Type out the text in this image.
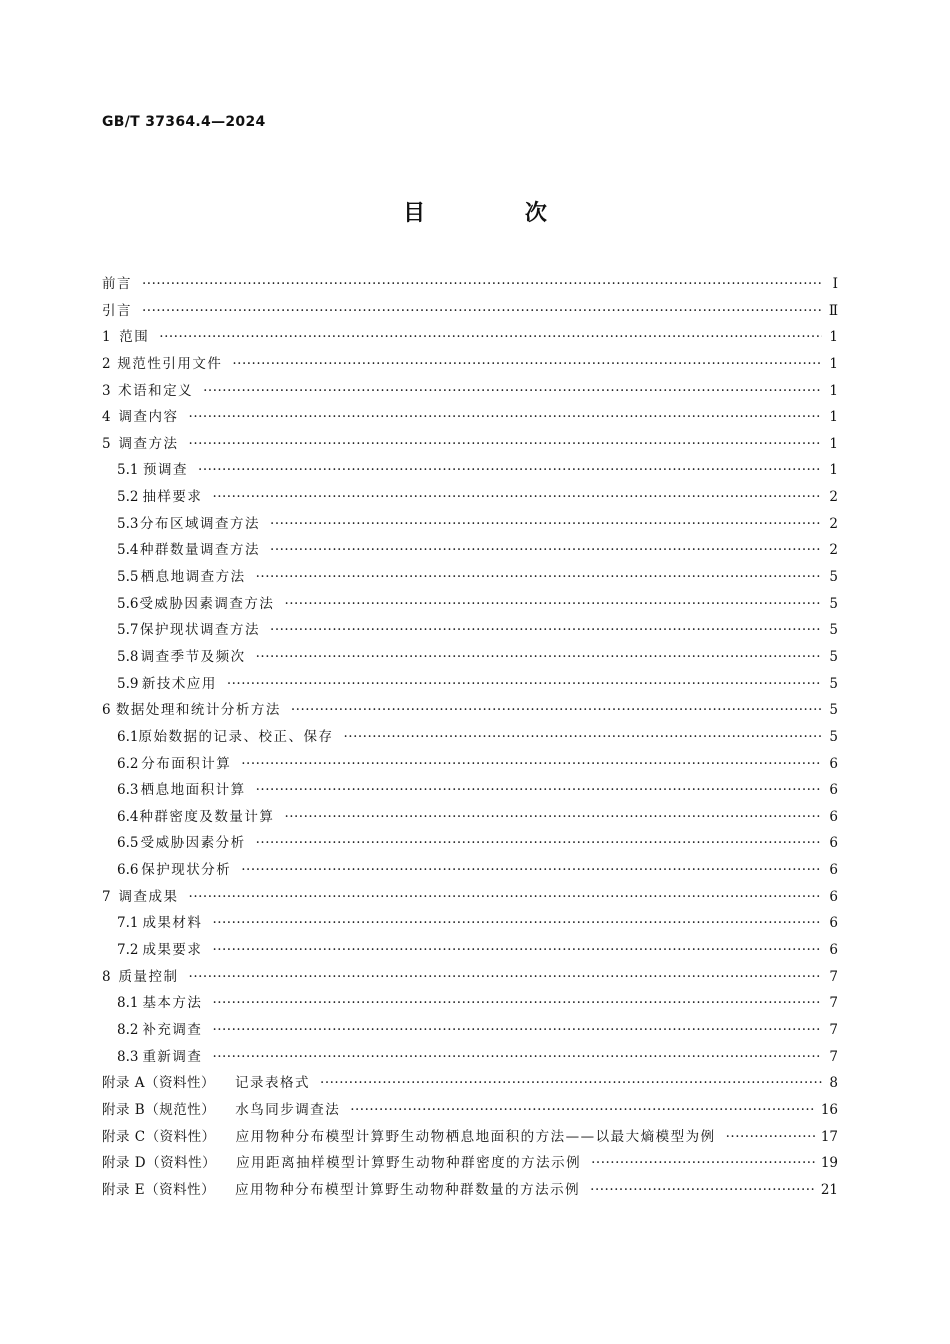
GB/T 37364.4—2024
目 次
前言 ·····	Ⅰ
引言 ·····	Ⅱ
1 范围 ·····	1
2 规范性引用文件 ·····	1
3 术语和定义 ·····	1
4 调查内容 ·····	1
5 调查方法 ·····	1
5.1 预调查 ·····	1
5.2 抽样要求 ·····	2
5.3 分布区域调查方法 ·····	2
5.4 种群数量调查方法 ·····	2
5.5 栖息地调查方法 ·····	5
5.6 受威胁因素调查方法 ·····	5
5.7 保护现状调查方法 ·····	5
5.8 调查季节及频次 ·····	5
5.9 新技术应用 ·····	5
6 数据处理和统计分析方法 ·····	5
6.1 原始数据的记录、校正、保存 ·····	5
6.2 分布面积计算 ·····	6
6.3 栖息地面积计算 ·····	6
6.4 种群密度及数量计算 ·····	6
6.5 受威胁因素分析 ·····	6
6.6 保护现状分析 ·····	6
7 调查成果 ·····	6
7.1 成果材料 ·····	6
7.2 成果要求 ·····	6
8 质量控制 ·····	7
8.1 基本方法 ·····	7
8.2 补充调查 ·····	7
8.3 重新调查 ·····	7
附录 A（资料性） 记录表格式 ·····	8
附录 B（规范性） 水鸟同步调查法 ·····	16
附录 C（资料性） 应用物种分布模型计算野生动物栖息地面积的方法——以最大熵模型为例 ·····	17
附录 D（资料性） 应用距离抽样模型计算野生动物种群密度的方法示例 ·····	19
附录 E（资料性） 应用物种分布模型计算野生动物种群数量的方法示例 ·····	21
